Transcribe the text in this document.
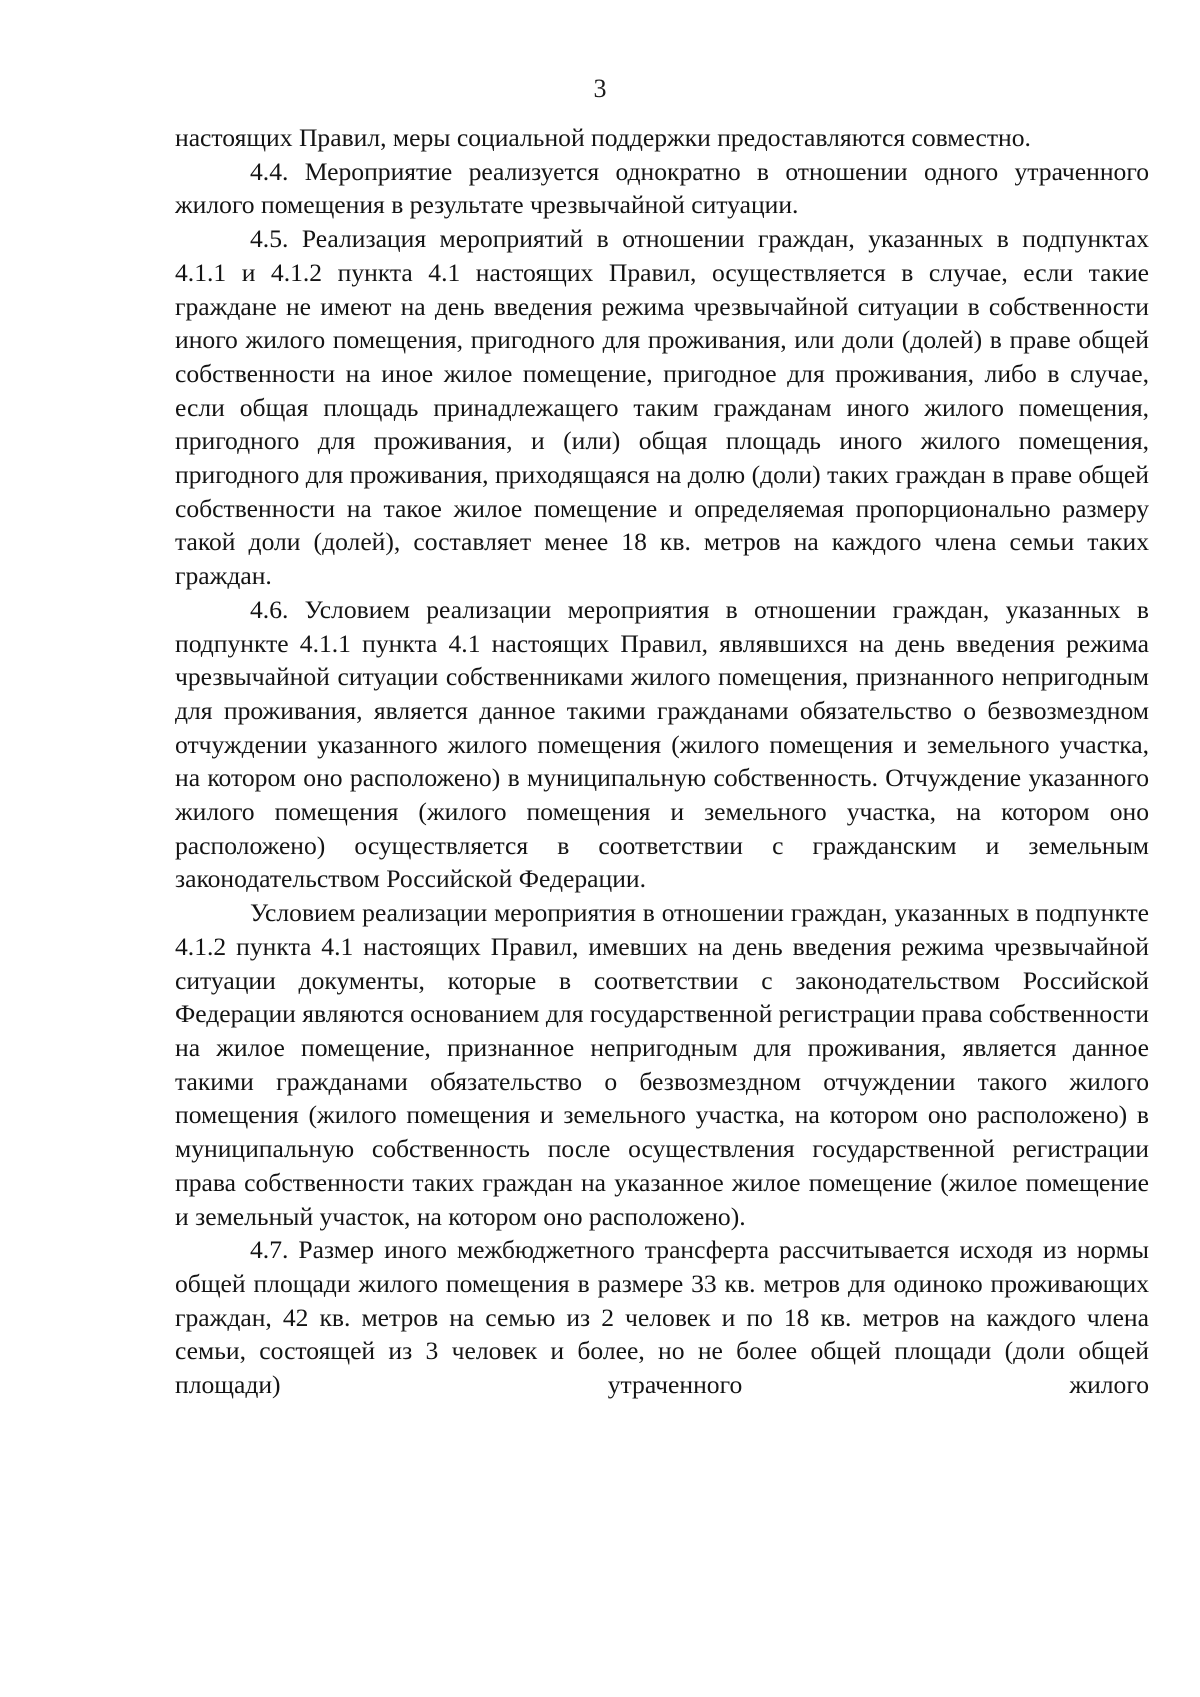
3

настоящих Правил, меры социальной поддержки предоставляются совместно.

4.4. Мероприятие реализуется однократно в отношении одного утраченного жилого помещения в результате чрезвычайной ситуации.

4.5. Реализация мероприятий в отношении граждан, указанных в подпунктах 4.1.1 и 4.1.2 пункта 4.1 настоящих Правил, осуществляется в случае, если такие граждане не имеют на день введения режима чрезвычайной ситуации в собственности иного жилого помещения, пригодного для проживания, или доли (долей) в праве общей собственности на иное жилое помещение, пригодное для проживания, либо в случае, если общая площадь принадлежащего таким гражданам иного жилого помещения, пригодного для проживания, и (или) общая площадь иного жилого помещения, пригодного для проживания, приходящаяся на долю (доли) таких граждан в праве общей собственности на такое жилое помещение и определяемая пропорционально размеру такой доли (долей), составляет менее 18 кв. метров на каждого члена семьи таких граждан.

4.6. Условием реализации мероприятия в отношении граждан, указанных в подпункте 4.1.1 пункта 4.1 настоящих Правил, являвшихся на день введения режима чрезвычайной ситуации собственниками жилого помещения, признанного непригодным для проживания, является данное такими гражданами обязательство о безвозмездном отчуждении указанного жилого помещения (жилого помещения и земельного участка, на котором оно расположено) в муниципальную собственность. Отчуждение указанного жилого помещения (жилого помещения и земельного участка, на котором оно расположено) осуществляется в соответствии с гражданским и земельным законодательством Российской Федерации.

Условием реализации мероприятия в отношении граждан, указанных в подпункте 4.1.2 пункта 4.1 настоящих Правил, имевших на день введения режима чрезвычайной ситуации документы, которые в соответствии с законодательством Российской Федерации являются основанием для государственной регистрации права собственности на жилое помещение, признанное непригодным для проживания, является данное такими гражданами обязательство о безвозмездном отчуждении такого жилого помещения (жилого помещения и земельного участка, на котором оно расположено) в муниципальную собственность после осуществления государственной регистрации права собственности таких граждан на указанное жилое помещение (жилое помещение и земельный участок, на котором оно расположено).

4.7. Размер иного межбюджетного трансферта рассчитывается исходя из нормы общей площади жилого помещения в размере 33 кв. метров для одиноко проживающих граждан, 42 кв. метров на семью из 2 человек и по 18 кв. метров на каждого члена семьи, состоящей из 3 человек и более, но не более общей площади (доли общей площади) утраченного жилого
